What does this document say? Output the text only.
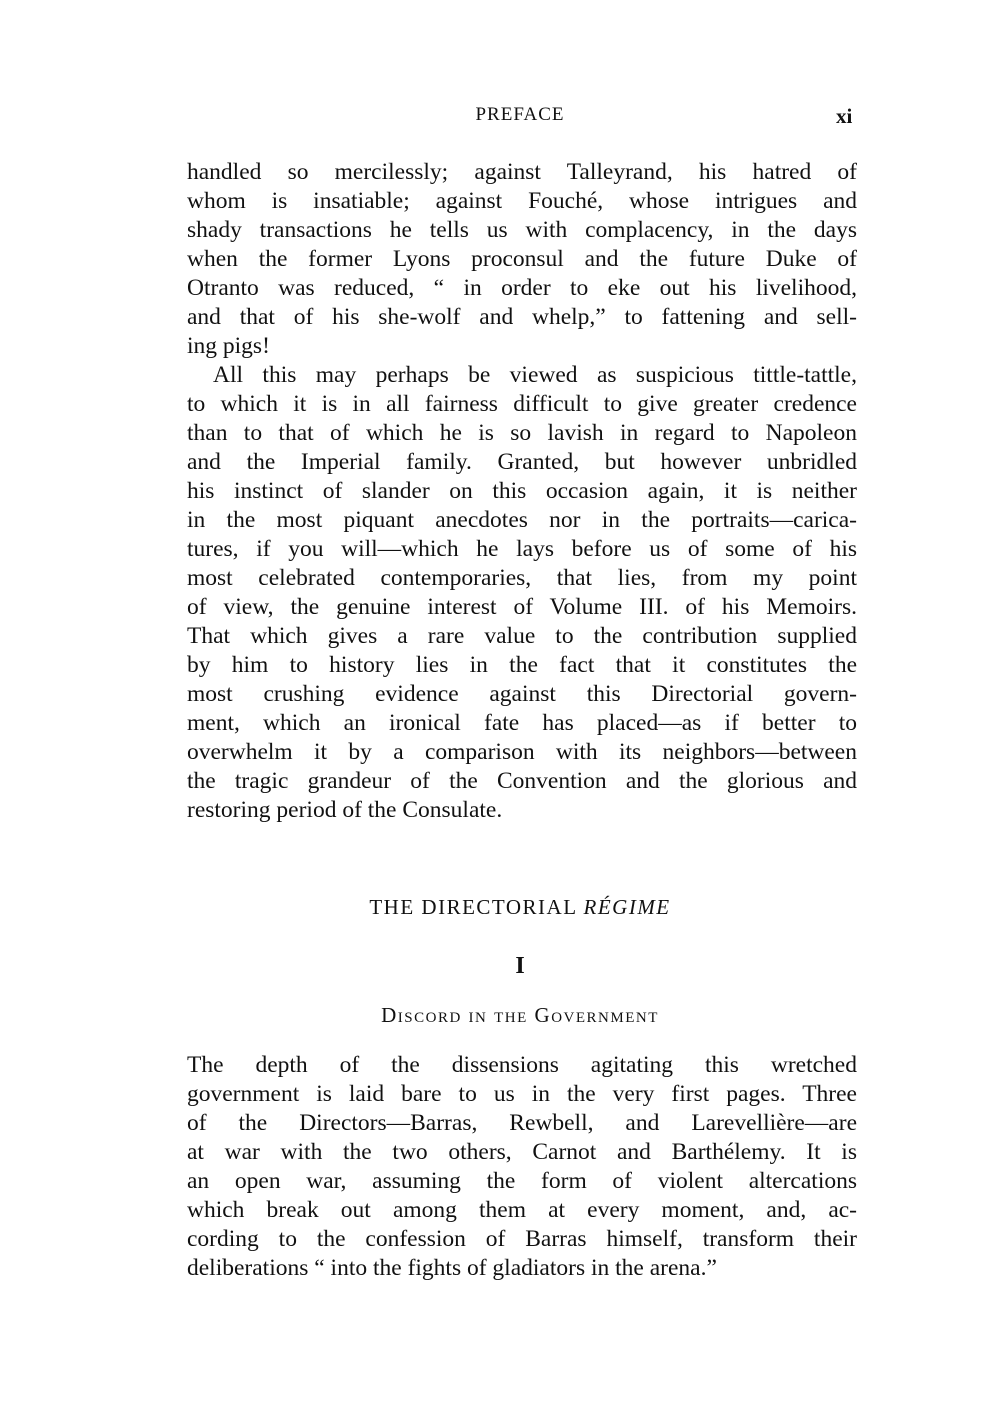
PREFACE	xi
handled so mercilessly; against Talleyrand, his hatred of
whom is insatiable; against Fouché, whose intrigues and
shady transactions he tells us with complacency, in the days
when the former Lyons proconsul and the future Duke of
Otranto was reduced, “ in order to eke out his livelihood,
and that of his she-wolf and whelp,” to fattening and sell-
ing pigs!
All this may perhaps be viewed as suspicious tittle-tattle,
to which it is in all fairness difficult to give greater credence
than to that of which he is so lavish in regard to Napoleon
and the Imperial family. Granted, but however unbridled
his instinct of slander on this occasion again, it is neither
in the most piquant anecdotes nor in the portraits—carica-
tures, if you will—which he lays before us of some of his
most celebrated contemporaries, that lies, from my point
of view, the genuine interest of Volume III. of his Memoirs.
That which gives a rare value to the contribution supplied
by him to history lies in the fact that it constitutes the
most crushing evidence against this Directorial govern-
ment, which an ironical fate has placed—as if better to
overwhelm it by a comparison with its neighbors—between
the tragic grandeur of the Convention and the glorious and
restoring period of the Consulate.
THE DIRECTORIAL RÉGIME
I
Discord in the Government
The depth of the dissensions agitating this wretched
government is laid bare to us in the very first pages. Three
of the Directors—Barras, Rewbell, and Larevellière—are
at war with the two others, Carnot and Barthélemy. It is
an open war, assuming the form of violent altercations
which break out among them at every moment, and, ac-
cording to the confession of Barras himself, transform their
deliberations “ into the fights of gladiators in the arena.”
